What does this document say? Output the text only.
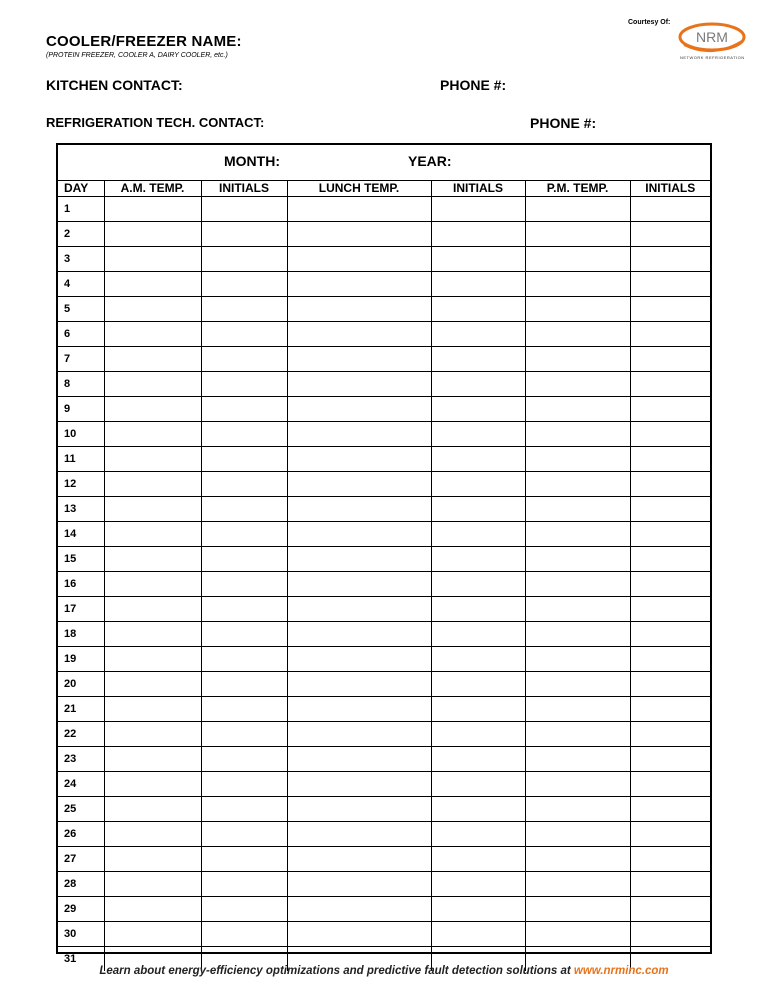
Courtesy Of:
NRM
NETWORK REFRIGERATION
COOLER/FREEZER NAME:
(PROTEIN FREEZER, COOLER A, DAIRY COOLER, etc.)
KITCHEN CONTACT:	PHONE #:
REFRIGERATION TECH. CONTACT:	PHONE #:
MONTH:	YEAR:
DAY	A.M. TEMP.	INITIALS	LUNCH TEMP.	INITIALS	P.M. TEMP.	INITIALS
1						
2						
3						
4						
5						
6						
7						
8						
9						
10						
11						
12						
13						
14						
15						
16						
17						
18						
19						
20						
21						
22						
23						
24						
25						
26						
27						
28						
29						
30						
31						
Learn about energy-efficiency optimizations and predictive fault detection solutions at www.nrminc.com
